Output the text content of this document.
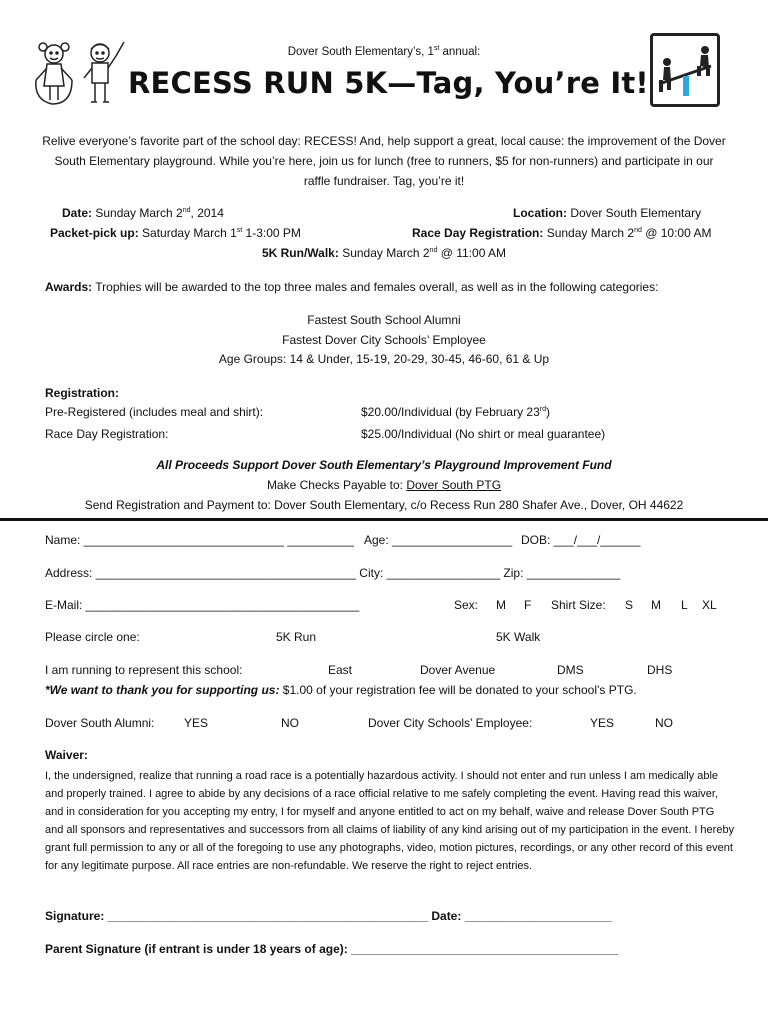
Dover South Elementary’s, 1st annual:
RECESS RUN 5K—Tag, You’re It!
Relive everyone’s favorite part of the school day: RECESS! And, help support a great, local cause: the improvement of the Dover South Elementary playground. While you’re here, join us for lunch (free to runners, $5 for non-runners) and participate in our raffle fundraiser. Tag, you’re it!
Date: Sunday March 2nd, 2014	Location: Dover South Elementary
Packet-pick up: Saturday March 1st 1-3:00 PM	Race Day Registration: Sunday March 2nd @ 10:00 AM
5K Run/Walk: Sunday March 2nd @ 11:00 AM
Awards: Trophies will be awarded to the top three males and females overall, as well as in the following categories:
Fastest South School Alumni
Fastest Dover City Schools’ Employee
Age Groups: 14 & Under, 15-19, 20-29, 30-45, 46-60, 61 & Up
Registration:
Pre-Registered (includes meal and shirt):	$20.00/Individual (by February 23rd)
Race Day Registration:	$25.00/Individual (No shirt or meal guarantee)
All Proceeds Support Dover South Elementary’s Playground Improvement Fund
Make Checks Payable to: Dover South PTG
Send Registration and Payment to: Dover South Elementary, c/o Recess Run 280 Shafer Ave., Dover, OH 44622
Name: ______________________________ __________ Age: __________________ DOB: ___/___/______
Address: _______________________________________ City: _________________ Zip: ______________
E-Mail: _________________________________________	Sex: M F Shirt Size: S M L XL
Please circle one:	5K Run	5K Walk
I am running to represent this school:	East	Dover Avenue	DMS	DHS
*We want to thank you for supporting us: $1.00 of your registration fee will be donated to your school’s PTG.
Dover South Alumni: YES	NO	Dover City Schools’ Employee:	YES	NO
Waiver:
I, the undersigned, realize that running a road race is a potentially hazardous activity. I should not enter and run unless I am medically able and properly trained. I agree to abide by any decisions of a race official relative to me safely completing the event. Having read this waiver, and in consideration for you accepting my entry, I for myself and anyone entitled to act on my behalf, waive and release Dover South PTG and all sponsors and representatives and successors from all claims of liability of any kind arising out of my participation in the event. I hereby grant full permission to any or all of the foregoing to use any photographs, video, motion pictures, recordings, or any other record of this event for any legitimate purpose. All race entries are non-refundable. We reserve the right to reject entries.
Signature: ________________________________________________ Date: ______________________
Parent Signature (if entrant is under 18 years of age): ________________________________________
